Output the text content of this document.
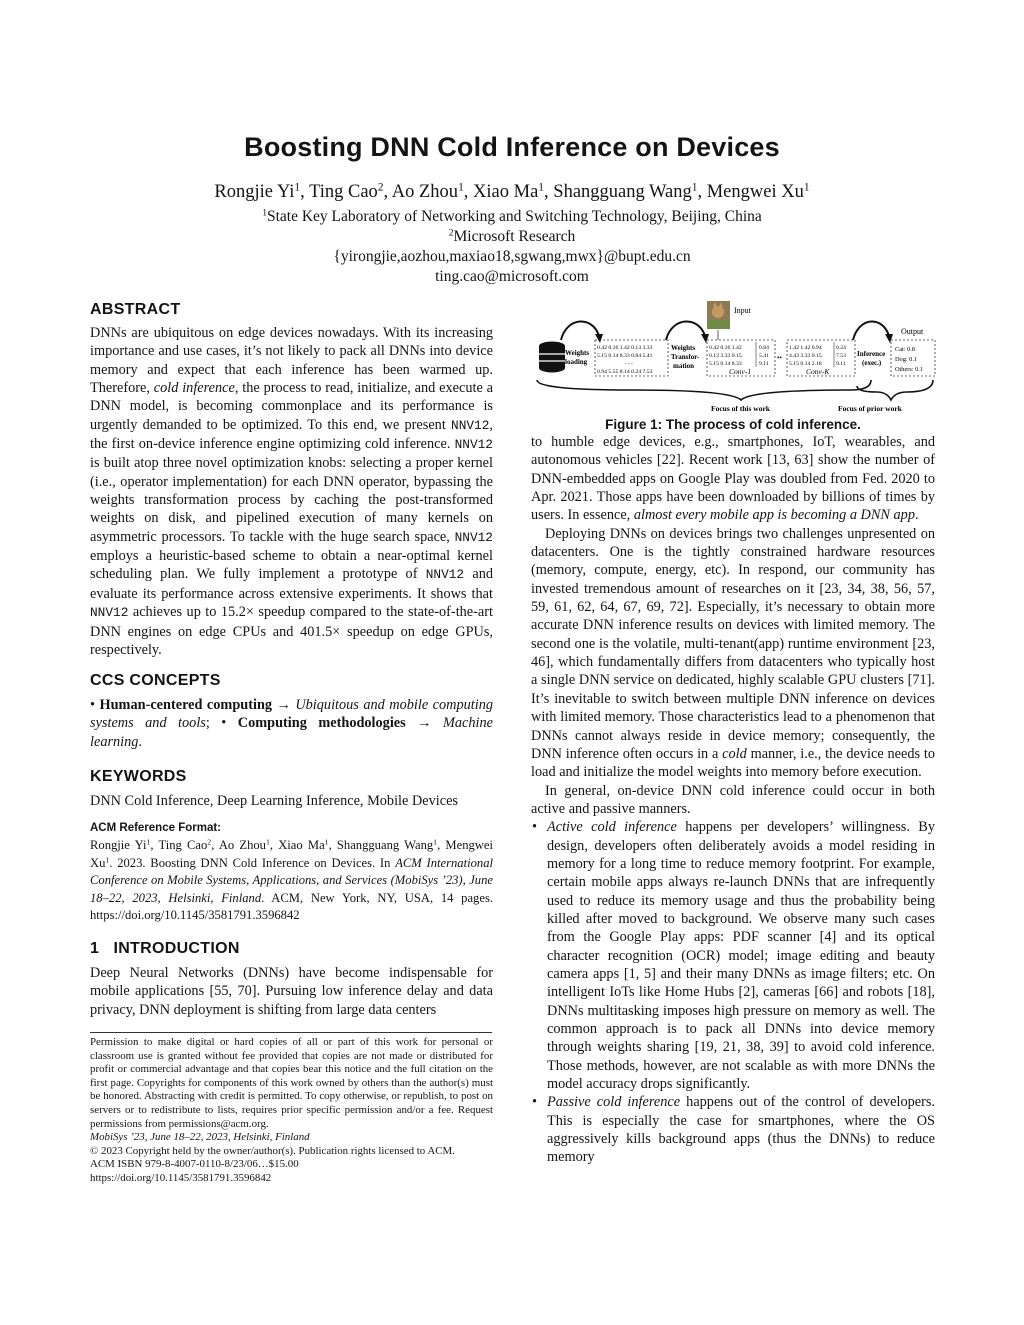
Boosting DNN Cold Inference on Devices
Rongjie Yi$^1$, Ting Cao$^2$, Ao Zhou$^1$, Xiao Ma$^1$, Shangguang Wang$^1$, Mengwei Xu$^1$
$^1$State Key Laboratory of Networking and Switching Technology, Beijing, China
$^2$Microsoft Research
{yirongjie,aozhou,maxiao18,sgwang,mwx}@bupt.edu.cn
ting.cao@microsoft.com
ABSTRACT

DNNs are ubiquitous on edge devices nowadays. With its increasing importance and use cases, it’s not likely to pack all DNNs into device memory and expect that each inference has been warmed up. Therefore, cold inference, the process to read, initialize, and execute a DNN model, is becoming commonplace and its performance is urgently demanded to be optimized. To this end, we present NNV12, the first on-device inference engine optimizing cold inference. NNV12 is built atop three novel optimization knobs: selecting a proper kernel (i.e., operator implementation) for each DNN operator, bypassing the weights transformation process by caching the post-transformed weights on disk, and pipelined execution of many kernels on asymmetric processors. To tackle with the huge search space, NNV12 employs a heuristic-based scheme to obtain a near-optimal kernel scheduling plan. We fully implement a prototype of NNV12 and evaluate its performance across extensive experiments. It shows that NNV12 achieves up to 15.2× speedup compared to the state-of-the-art DNN engines on edge CPUs and 401.5× speedup on edge GPUs, respectively.

CCS CONCEPTS

• Human-centered computing → Ubiquitous and mobile computing systems and tools; • Computing methodologies → Machine learning.

KEYWORDS
DNN Cold Inference, Deep Learning Inference, Mobile Devices
ACM Reference Format:

Rongjie Yi$^1$, Ting Cao$^2$, Ao Zhou$^1$, Xiao Ma$^1$, Shangguang Wang$^1$, Mengwei Xu$^1$. 2023. Boosting DNN Cold Inference on Devices. In ACM International Conference on Mobile Systems, Applications, and Services (MobiSys ’23), June 18–22, 2023, Helsinki, Finland. ACM, New York, NY, USA, 14 pages. https://doi.org/10.1145/3581791.3596842

1 INTRODUCTION
Deep Neural Networks (DNNs) have become indispensable for mobile applications [55, 70]. Pursuing low inference delay and data privacy, DNN deployment is shifting from large data centers

Permission to make digital or hard copies of all or part of this work for personal or classroom use is granted without fee provided that copies are not made or distributed for profit or commercial advantage and that copies bear this notice and the full citation on the first page. Copyrights for components of this work owned by others than the author(s) must be honored. Abstracting with credit is permitted. To copy otherwise, or republish, to post on servers or to redistribute to lists, requires prior specific permission and/or a fee. Request permissions from permissions@acm.org.

MobiSys ’23, June 18–22, 2023, Helsinki, Finland

© 2023 Copyright held by the owner/author(s). Publication rights licensed to ACM.

ACM ISBN 979-8-4007-0110-8/23/06…$15.00

https://doi.org/10.1145/3581791.3596842

Weights loading
0.42 0.16 1.42 0.13 3.33 5.15 0.14 8.33 0.84 5.41 ...... 0.94 5.55 8.14 0.24 7.53
Weights Transfor-mation
Input
0.42 0.16 1.42 0.13 3.33 0.15 5.15 0.14 8.33
0.84 5.41 9.11
Conv-1
••
1.42 1.42 0.94 4.43 3.33 0.15 5.15 0.14 2.18
0.24 7.53 9.11
Conv-K
Inference (exec.)
Output
Cat: 0.8 Dog: 0.1 Others: 0.1
Focus of this work	Focus of prior work
Figure 1: The process of cold inference.

to humble edge devices, e.g., smartphones, IoT, wearables, and autonomous vehicles [22]. Recent work [13, 63] show the number of DNN-embedded apps on Google Play was doubled from Fed. 2020 to Apr. 2021. Those apps have been downloaded by billions of times by users. In essence, almost every mobile app is becoming a DNN app.

Deploying DNNs on devices brings two challenges unpresented on datacenters. One is the tightly constrained hardware resources (memory, compute, energy, etc). In respond, our community has invested tremendous amount of researches on it [23, 34, 38, 56, 57, 59, 61, 62, 64, 67, 69, 72]. Especially, it’s necessary to obtain more accurate DNN inference results on devices with limited memory. The second one is the volatile, multi-tenant(app) runtime environment [23, 46], which fundamentally differs from datacenters who typically host a single DNN service on dedicated, highly scalable GPU clusters [71]. It’s inevitable to switch between multiple DNN inference on devices with limited memory. Those characteristics lead to a phenomenon that DNNs cannot always reside in device memory; consequently, the DNN inference often occurs in a cold manner, i.e., the device needs to load and initialize the model weights into memory before execution.

In general, on-device DNN cold inference could occur in both active and passive manners.

• Active cold inference happens per developers’ willingness. By design, developers often deliberately avoids a model residing in memory for a long time to reduce memory footprint. For example, certain mobile apps always re-launch DNNs that are infrequently used to reduce its memory usage and thus the probability being killed after moved to background. We observe many such cases from the Google Play apps: PDF scanner [4] and its optical character recognition (OCR) model; image editing and beauty camera apps [1, 5] and their many DNNs as image filters; etc. On intelligent IoTs like Home Hubs [2], cameras [66] and robots [18], DNNs multitasking imposes high pressure on memory as well. The common approach is to pack all DNNs into device memory through weights sharing [19, 21, 38, 39] to avoid cold inference. Those methods, however, are not scalable as with more DNNs the model accuracy drops significantly.

• Passive cold inference happens out of the control of developers. This is especially the case for smartphones, where the OS aggressively kills background apps (thus the DNNs) to reduce memory
